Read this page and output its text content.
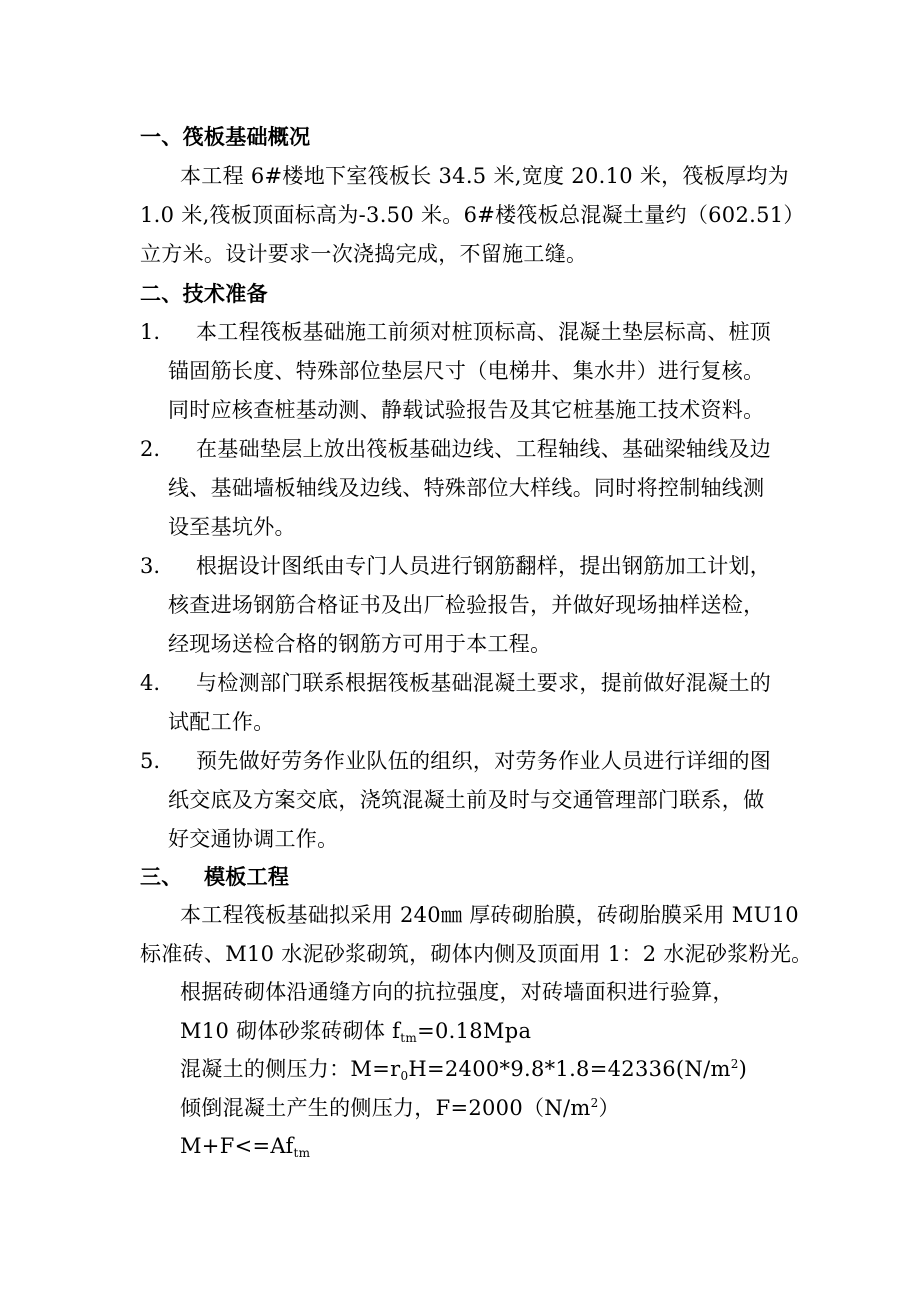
一、筏板基础概况
本工程 6#楼地下室筏板长 34.5 米,宽度 20.10 米，筏板厚均为
1.0 米,筏板顶面标高为-3.50 米。6#楼筏板总混凝土量约（602.51）
立方米。设计要求一次浇捣完成，不留施工缝。
二、技术准备
1. 本工程筏板基础施工前须对桩顶标高、混凝土垫层标高、桩顶
锚固筋长度、特殊部位垫层尺寸（电梯井、集水井）进行复核。
同时应核查桩基动测、静载试验报告及其它桩基施工技术资料。
2. 在基础垫层上放出筏板基础边线、工程轴线、基础梁轴线及边
线、基础墙板轴线及边线、特殊部位大样线。同时将控制轴线测
设至基坑外。
3. 根据设计图纸由专门人员进行钢筋翻样，提出钢筋加工计划，
核查进场钢筋合格证书及出厂检验报告，并做好现场抽样送检，
经现场送检合格的钢筋方可用于本工程。
4. 与检测部门联系根据筏板基础混凝土要求，提前做好混凝土的
试配工作。
5. 预先做好劳务作业队伍的组织，对劳务作业人员进行详细的图
纸交底及方案交底，浇筑混凝土前及时与交通管理部门联系，做
好交通协调工作。
三、 模板工程
本工程筏板基础拟采用 240㎜ 厚砖砌胎膜，砖砌胎膜采用 MU10
标准砖、M10 水泥砂浆砌筑，砌体内侧及顶面用 1：2 水泥砂浆粉光。
根据砖砌体沿通缝方向的抗拉强度，对砖墙面积进行验算，
M10 砌体砂浆砖砌体 $f_{tm}=0.18Mpa$
混凝土的侧压力：$M=r_0H=2400*9.8*1.8=42336(N/m^2)$
倾倒混凝土产生的侧压力，$F=2000(N/m^2)$
$M+F<=Af_{tm}$
